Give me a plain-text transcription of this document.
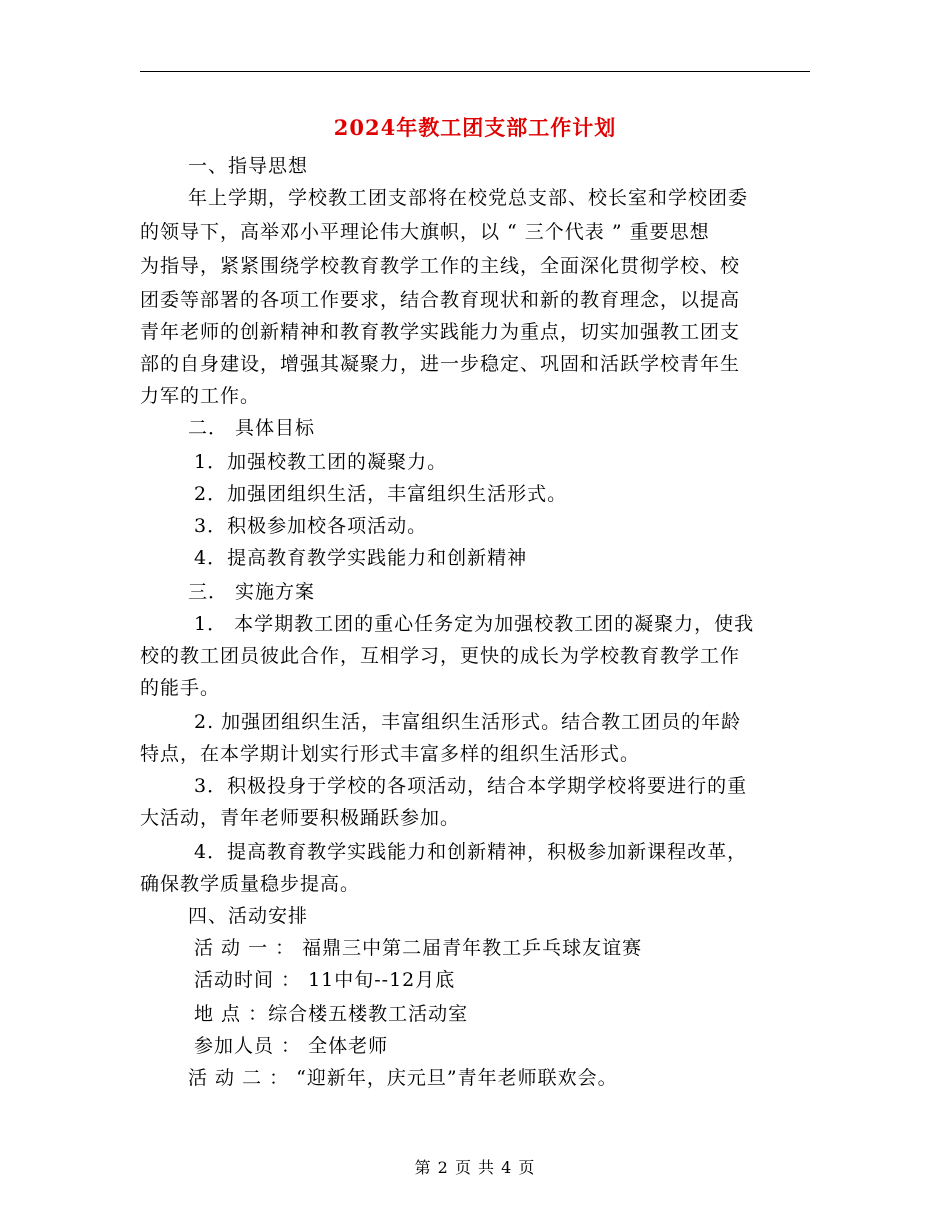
2024年教工团支部工作计划
一、指导思想
年上学期，学校教工团支部将在校党总支部、校长室和学校团委
的领导下，高举邓小平理论伟大旗帜，以 “ 三个代表 ” 重要思想
为指导，紧紧围绕学校教育教学工作的主线，全面深化贯彻学校、校
团委等部署的各项工作要求，结合教育现状和新的教育理念，以提高
青年老师的创新精神和教育教学实践能力为重点，切实加强教工团支
部的自身建设，增强其凝聚力，进一步稳定、巩固和活跃学校青年生
力军的工作。
二． 具体目标
1．加强校教工团的凝聚力。
2．加强团组织生活，丰富组织生活形式。
3．积极参加校各项活动。
4．提高教育教学实践能力和创新精神
三． 实施方案
1． 本学期教工团的重心任务定为加强校教工团的凝聚力，使我
校的教工团员彼此合作，互相学习，更快的成长为学校教育教学工作
的能手。
2. 加强团组织生活，丰富组织生活形式。结合教工团员的年龄
特点，在本学期计划实行形式丰富多样的组织生活形式。
3．积极投身于学校的各项活动，结合本学期学校将要进行的重
大活动，青年老师要积极踊跃参加。
4．提高教育教学实践能力和创新精神，积极参加新课程改革，
确保教学质量稳步提高。
四、活动安排
活 动 一 ： 福鼎三中第二届青年教工乒乓球友谊赛
活动时间 ： 11中旬--12月底
地 点 ：综合楼五楼教工活动室
参加人员 ： 全体老师
活 动 二 ： “迎新年，庆元旦”青年老师联欢会。
第 2 页 共 4 页
